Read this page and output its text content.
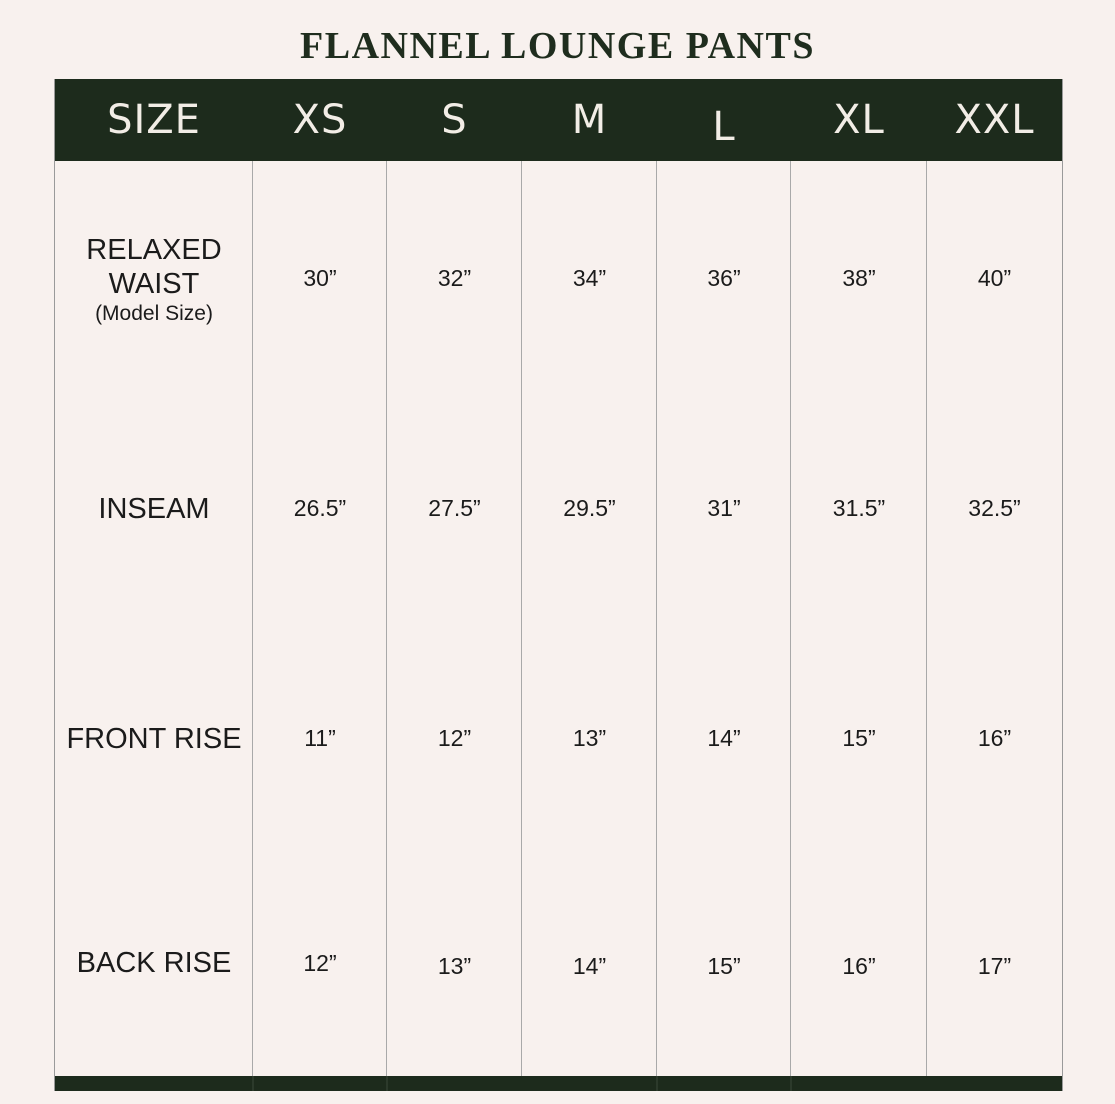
FLANNEL LOUNGE PANTS
SIZE	XS	S	M	L	XL	XXL
RELAXED
WAIST
(Model Size)
30”	32”	34”	36”	38”	40”
INSEAM	26.5”	27.5”	29.5”	31”	31.5”	32.5”
FRONT RISE	11”	12”	13”	14”	15”	16”
BACK RISE	12”	13”	14”	15”	16”	17”
